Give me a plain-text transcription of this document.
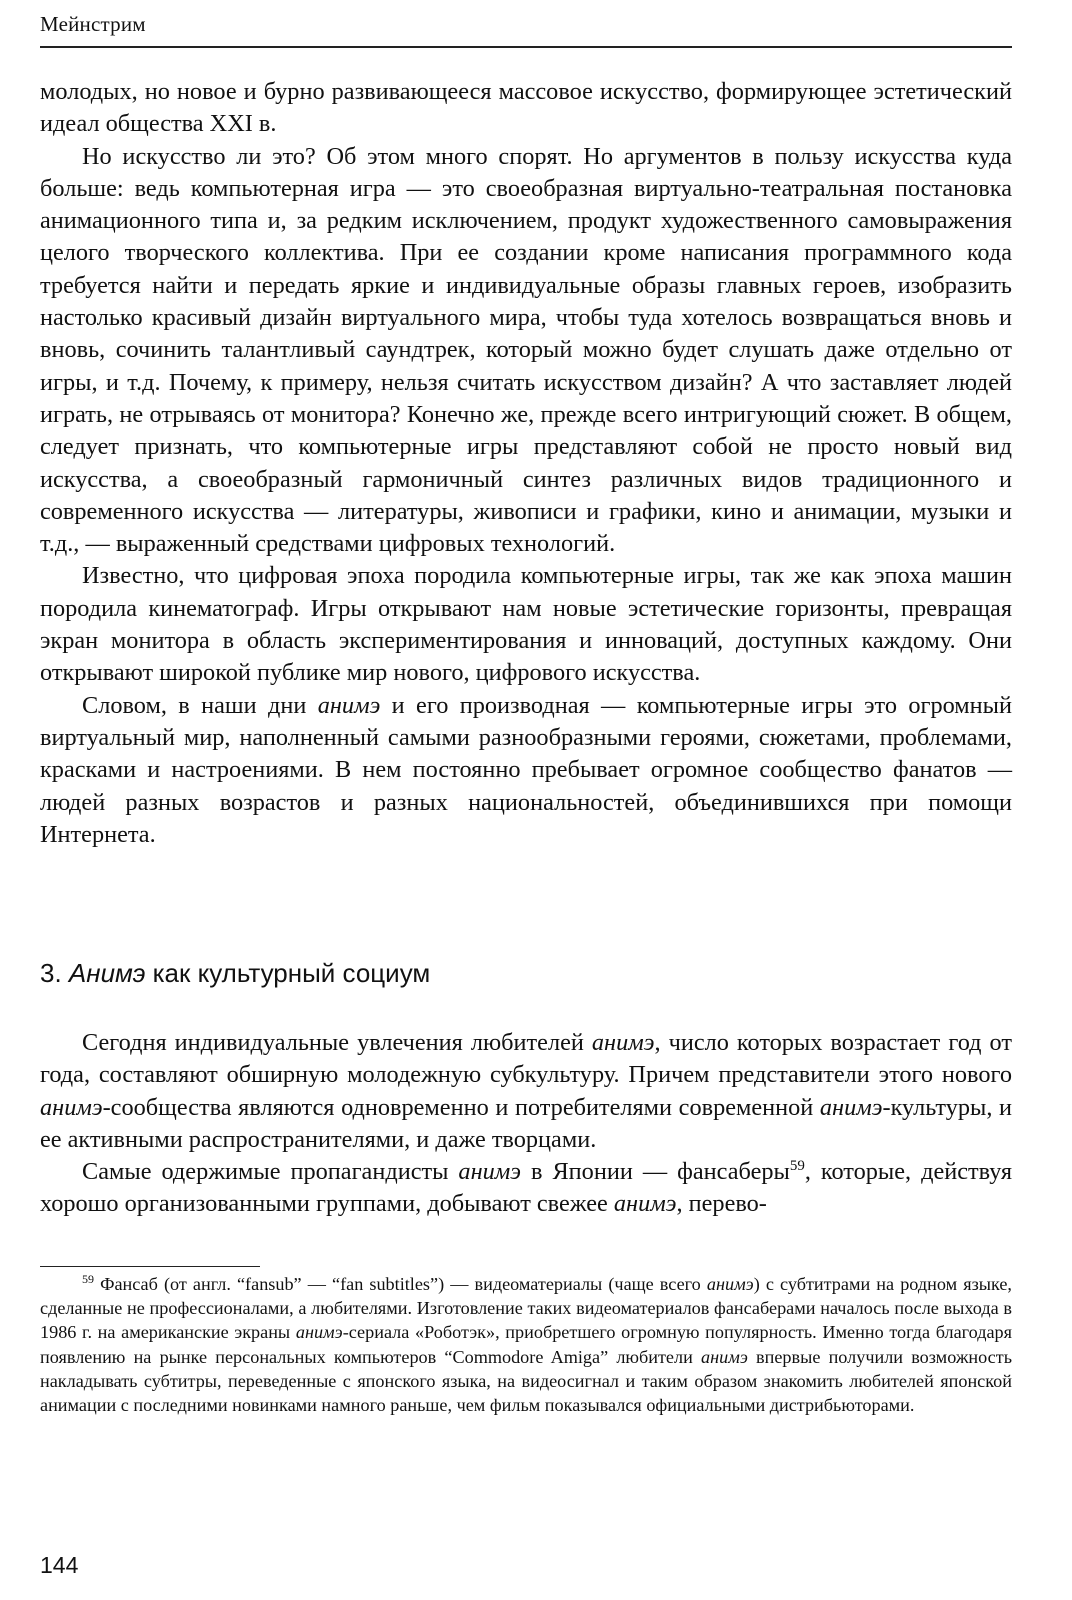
Мейнстрим

молодых, но новое и бурно развивающееся массовое искусство, формирующее эстетический идеал общества XXI в.

Но искусство ли это? Об этом много спорят. Но аргументов в пользу искусства куда больше: ведь компьютерная игра — это своеобразная виртуально-театральная постановка анимационного типа и, за редким исключением, продукт художественного самовыражения целого творческого коллектива. При ее создании кроме написания программного кода требуется найти и передать яркие и индивидуальные образы главных героев, изобразить настолько красивый дизайн виртуального мира, чтобы туда хотелось возвращаться вновь и вновь, сочинить талантливый саундтрек, который можно будет слушать даже отдельно от игры, и т.д. Почему, к примеру, нельзя считать искусством дизайн? А что заставляет людей играть, не отрываясь от монитора? Конечно же, прежде всего интригующий сюжет. В общем, следует признать, что компьютерные игры представляют собой не просто новый вид искусства, а своеобразный гармоничный синтез различных видов традиционного и современного искусства — литературы, живописи и графики, кино и анимации, музыки и т.д., — выраженный средствами цифровых технологий.

Известно, что цифровая эпоха породила компьютерные игры, так же как эпоха машин породила кинематограф. Игры открывают нам новые эстетические горизонты, превращая экран монитора в область экспериментирования и инноваций, доступных каждому. Они открывают широкой публике мир нового, цифрового искусства.

Словом, в наши дни анимэ и его производная — компьютерные игры это огромный виртуальный мир, наполненный самыми разнообразными героями, сюжетами, проблемами, красками и настроениями. В нем постоянно пребывает огромное сообщество фанатов — людей разных возрастов и разных национальностей, объединившихся при помощи Интернета.

3. Анимэ как культурный социум

Сегодня индивидуальные увлечения любителей анимэ, число которых возрастает год от года, составляют обширную молодежную субкультуру. Причем представители этого нового анимэ-сообщества являются одновременно и потребителями современной анимэ-культуры, и ее активными распространителями, и даже творцами.

Самые одержимые пропагандисты анимэ в Японии — фансаберы$^{59}$, которые, действуя хорошо организованными группами, добывают свежее анимэ, перево-

$^{59}$ Фансаб (от англ. “fansub” — “fan subtitles”) — видеоматериалы (чаще всего анимэ) с субтитрами на родном языке, сделанные не профессионалами, а любителями. Изготовление таких видеоматериалов фансаберами началось после выхода в 1986 г. на американские экраны анимэ-сериала «Роботэк», приобретшего огромную популярность. Именно тогда благодаря появлению на рынке персональных компьютеров “Commodore Amiga” любители анимэ впервые получили возможность накладывать субтитры, переведенные с японского языка, на видеосигнал и таким образом знакомить любителей японской анимации с последними новинками намного раньше, чем фильм показывался официальными дистрибьюторами.
144
